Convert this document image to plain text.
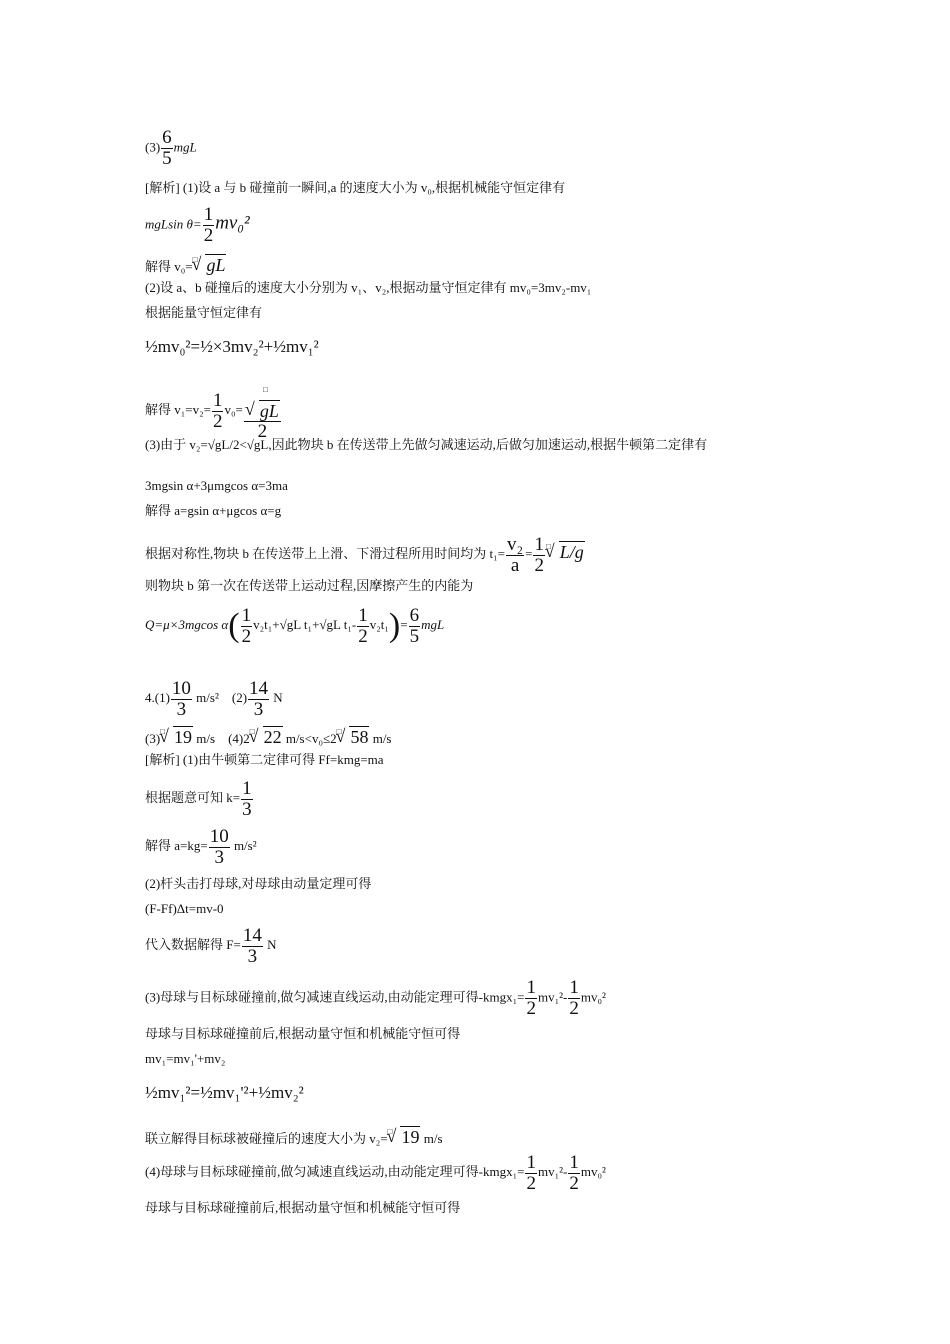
$(3) \frac{6}{5}$ mgL
[解析] (1)设 a 与 b 碰撞前一瞬间,a 的速度大小为 v₀,根据机械能守恒定律有
mgLsin $\theta= \frac{1}{2} mv_0^2$
解得 v₀=□√ gL
(2)设 a、b 碰撞后的速度大小分别为 v₁、v₂,根据动量守恒定律有 mv₀=3mv₂-mv₁
根据能量守恒定律有
½mv₀²=½×3mv₂²+½mv₁²
解得 $v_1=v_2= \frac{1}{2} v_0=$ □
√ gL
2
(3)由于 v₂=√gL/2<√gL,因此物块 b 在传送带上先做匀减速运动,后做匀加速运动,根据牛顿第二定律有
3mgsin α+3μmgcos α=3ma
解得 a=gsin α+μgcos α=g
根据对称性,物块 b 在传送带上上滑、下滑过程所用时间均为 $t_1= \frac{\text{v₂}}{a} = \frac{1}{2} ^□√$ L/g
则物块 b 第一次在传送带上运动过程,因摩擦产生的内能为
Q=μ×3mgcos $\alpha( \frac{1}{2} v_2t_1+√gL$ t₁+√gL $t_1- \frac{1}{2} v_2t_1)= \frac{6}{5}$ mgL
$4.(1) \frac{10}{3} m/s^2$ $(2) \frac{14}{3}$ N
(3)□√ 19 m/s (4)2□√ 22 m/s<v₀≤2□√ 58 m/s
[解析] (1)由牛顿第二定律可得 Ff=kmg=ma
根据题意可知 $k= \frac{1}{3}$
解得 $a=kg= \frac{10}{3} m/s^2$
(2)杆头击打母球,对母球由动量定理可得
(F-Ff)Δt=mv-0
代入数据解得 $F= \frac{14}{3}$ N
(3)母球与目标球碰撞前,做匀减速直线运动,由动能定理可得-kmgx₁= $\frac{1}{2} mv_1^2- \frac{1}{2} mv_0^2$
母球与目标球碰撞前后,根据动量守恒和机械能守恒可得
mv₁=mv₁'+mv₂
½mv₁²=½mv₁'²+½mv₂²
联立解得目标球被碰撞后的速度大小为 v₂=□√ 19 m/s
(4)母球与目标球碰撞前,做匀减速直线运动,由动能定理可得-kmgx₁= $\frac{1}{2} mv_1^2- \frac{1}{2} mv_0^2$
母球与目标球碰撞前后,根据动量守恒和机械能守恒可得
